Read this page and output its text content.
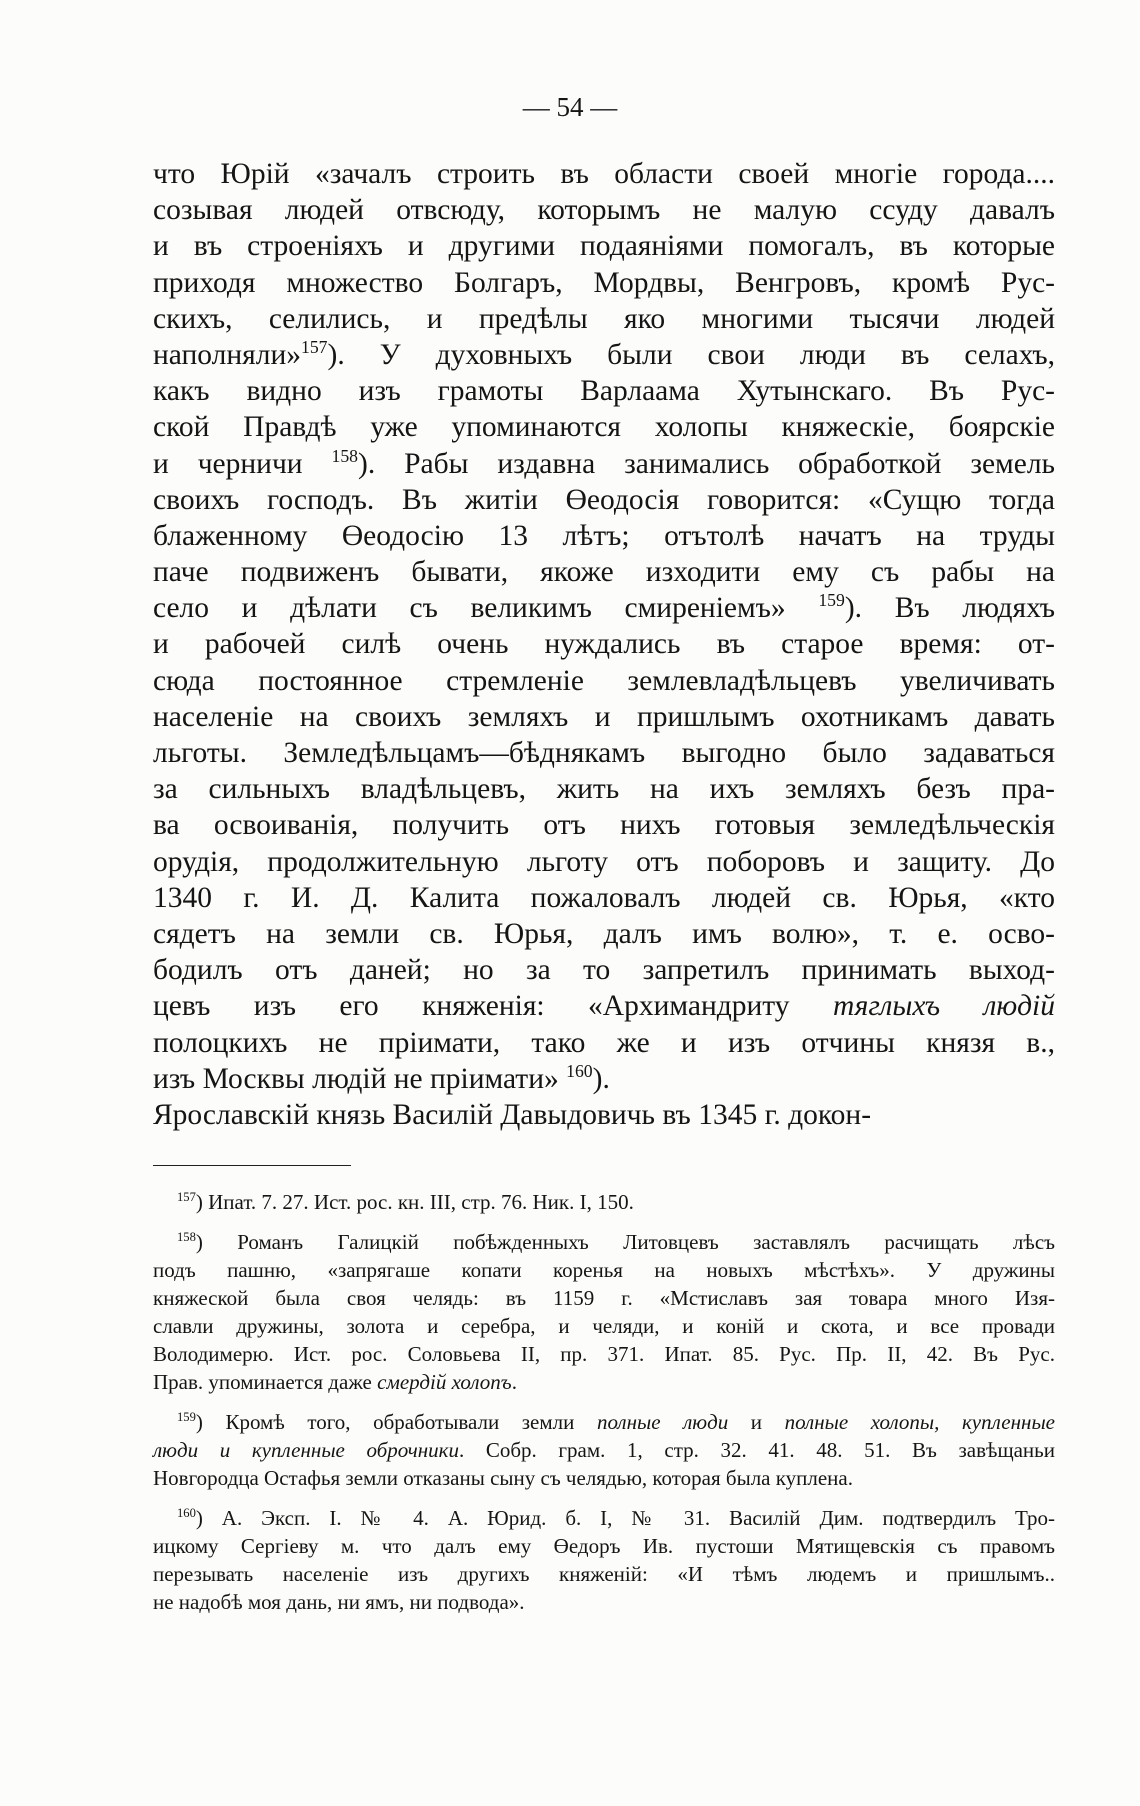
— 54 —
что Юрій «зачалъ строить въ области своей многіе города....
созывая людей отвсюду, которымъ не малую ссуду давалъ
и въ строеніяхъ и другими подаяніями помогалъ, въ которые
приходя множество Болгаръ, Мордвы, Венгровъ, кромѣ Рус-
скихъ, селились, и предѣлы яко многими тысячи людей
наполняли»$^{157}$). У духовныхъ были свои люди въ селахъ,
какъ видно изъ грамоты Варлаама Хутынскаго. Въ Рус-
ской Правдѣ уже упоминаются холопы княжескіе, боярскіе
и черничи $^{158}$). Рабы издавна занимались обработкой земель
своихъ господъ. Въ житіи Өеодосія говорится: «Сущю тогда
блаженному Өеодосію 13 лѣтъ; отътолѣ начатъ на труды
паче подвиженъ бывати, якоже изходити ему съ рабы на
село и дѣлати съ великимъ смиреніемъ» $^{159}$). Въ людяхъ
и рабочей силѣ очень нуждались въ старое время: от-
сюда постоянное стремленіе землевладѣльцевъ увеличивать
населеніе на своихъ земляхъ и пришлымъ охотникамъ давать
льготы. Земледѣльцамъ—бѣднякамъ выгодно было задаваться
за сильныхъ владѣльцевъ, жить на ихъ земляхъ безъ пра-
ва освоиванія, получить отъ нихъ готовыя земледѣльческія
орудія, продолжительную льготу отъ поборовъ и защиту. До
1340 г. И. Д. Калита пожаловалъ людей св. Юрья, «кто
сядетъ на земли св. Юрья, далъ имъ волю», т. е. осво-
бодилъ отъ даней; но за то запретилъ принимать выход-
цевъ изъ его княженія: «Архимандриту тяглыхъ людій
полоцкихъ не пріимати, тако же и изъ отчины князя в.,
изъ Москвы людій не пріимати» $^{160}$).
Ярославскій князь Василій Давыдовичь въ 1345 г. докон-
$^{157}$) Ипат. 7. 27. Ист. рос. кн. III, стр. 76. Ник. I, 150.
$^{158}$) Романъ Галицкій побѣжденныхъ Литовцевъ заставлялъ расчищать лѣсъ
подъ пашню, «запрягаше копати коренья на новыхъ мѣстѣхъ». У дружины
княжеской была своя челядь: въ 1159 г. «Мстиславъ зая товара много Изя-
славли дружины, золота и серебра, и челяди, и коній и скота, и все провади
Володимерю. Ист. рос. Соловьева II, пр. 371. Ипат. 85. Рус. Пр. II, 42. Въ Рус.
Прав. упоминается даже смердій холопъ.
$^{159}$) Кромѣ того, обработывали земли полные люди и полные холопы, купленные
люди и купленные оброчники. Собр. грам. 1, стр. 32. 41. 48. 51. Въ завѣщаньи
Новгородца Остафья земли отказаны сыну съ челядью, которая была куплена.
$^{160}$) А. Эксп. I. № 4. А. Юрид. б. I, № 31. Василій Дим. подтвердилъ Тро-
ицкому Сергіеву м. что далъ ему Өедоръ Ив. пустоши Мятищевскія съ правомъ
перезывать населеніе изъ другихъ княженій: «И тѣмъ людемъ и пришлымъ..
не надобѣ моя дань, ни ямъ, ни подвода».
